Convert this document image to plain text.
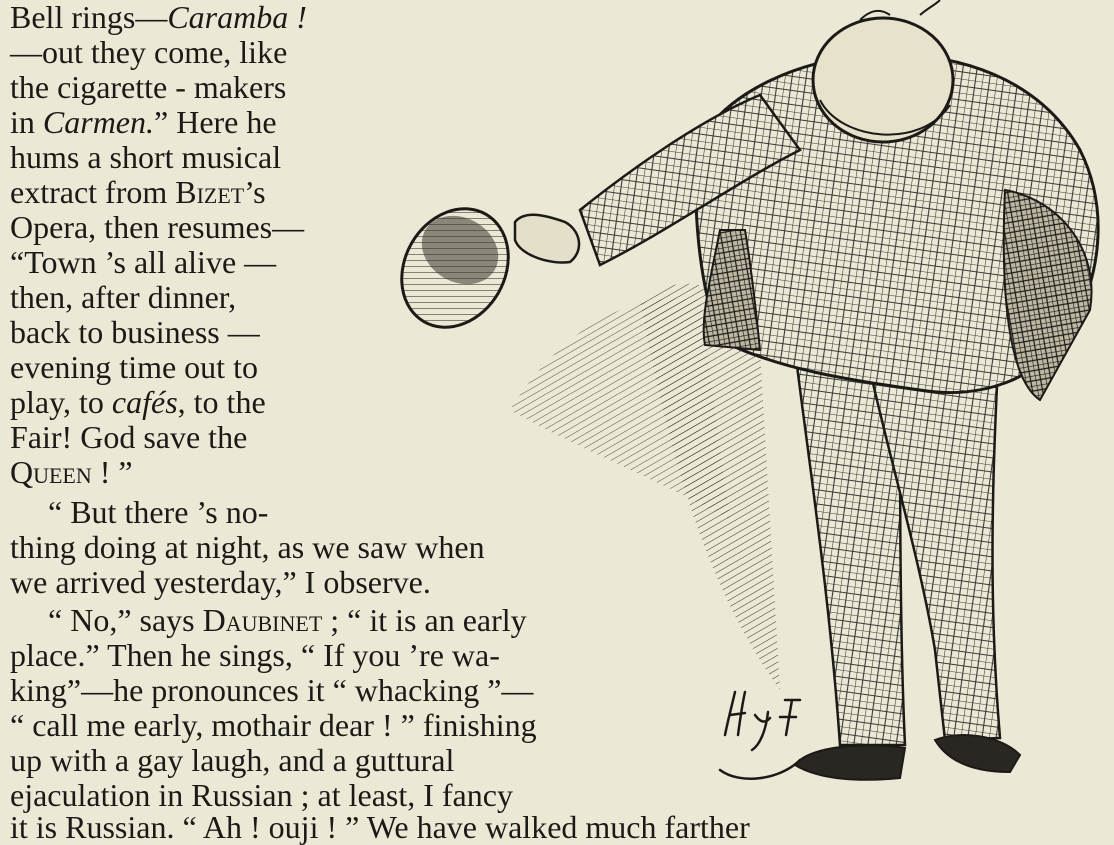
Bell rings— Caramba !
—out they come, like
the cigarette - makers
in Carmen. ” Here he
hums a short musical
extract from Bizet ’s
Opera, then resumes—
“Town ’s all alive —
then, after dinner,
back to business —
evening time out to
play, to cafés , to the
Fair! God save the
Queen ! ”
“ But there ’s no-
thing doing at night, as we saw when
we arrived yesterday,” I observe.
“ No,” says Daubinet ; “ it is an early
place.” Then he sings, “ If you ’re wa-
king”—he pronounces it “ whacking ”—
“ call me early, mothair dear ! ” finishing
up with a gay laugh, and a guttural
ejaculation in Russian ; at least, I fancy
it is Russian. “ Ah ! ouji ! ” We have walked much farther
